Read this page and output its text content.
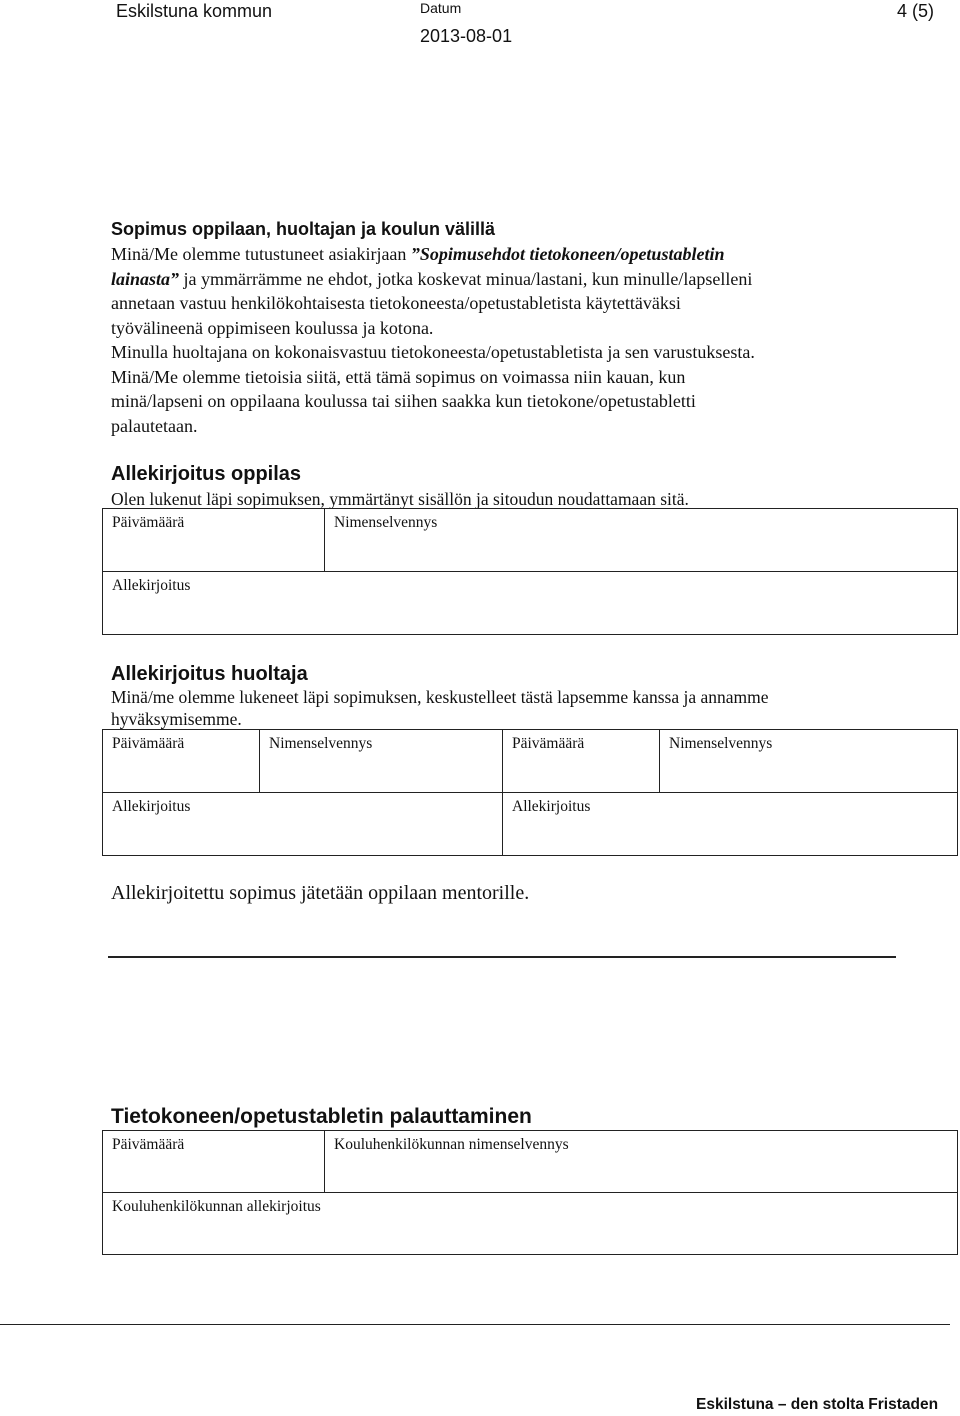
Eskilstuna kommun	Datum
2013-08-01
4 (5)
Sopimus oppilaan, huoltajan ja koulun välillä
Minä/Me olemme tutustuneet asiakirjaan ”Sopimusehdot tietokoneen/opetustabletin
lainasta” ja ymmärrämme ne ehdot, jotka koskevat minua/lastani, kun minulle/lapselleni
annetaan vastuu henkilökohtaisesta tietokoneesta/opetustabletista käytettäväksi
työvälineenä oppimiseen koulussa ja kotona.
Minulla huoltajana on kokonaisvastuu tietokoneesta/opetustabletista ja sen varustuksesta.
Minä/Me olemme tietoisia siitä, että tämä sopimus on voimassa niin kauan, kun
minä/lapseni on oppilaana koulussa tai siihen saakka kun tietokone/opetustabletti
palautetaan.
Allekirjoitus oppilas
Olen lukenut läpi sopimuksen, ymmärtänyt sisällön ja sitoudun noudattamaan sitä.
Päivämäärä	Nimenselvennys
Allekirjoitus
Allekirjoitus huoltaja
Minä/me olemme lukeneet läpi sopimuksen, keskustelleet tästä lapsemme kanssa ja annamme
hyväksymisemme.
Päivämäärä	Nimenselvennys	Päivämäärä	Nimenselvennys
Allekirjoitus	Allekirjoitus
Allekirjoitettu sopimus jätetään oppilaan mentorille.
Tietokoneen/opetustabletin palauttaminen
Päivämäärä	Kouluhenkilökunnan nimenselvennys
Kouluhenkilökunnan allekirjoitus
Eskilstuna – den stolta Fristaden
